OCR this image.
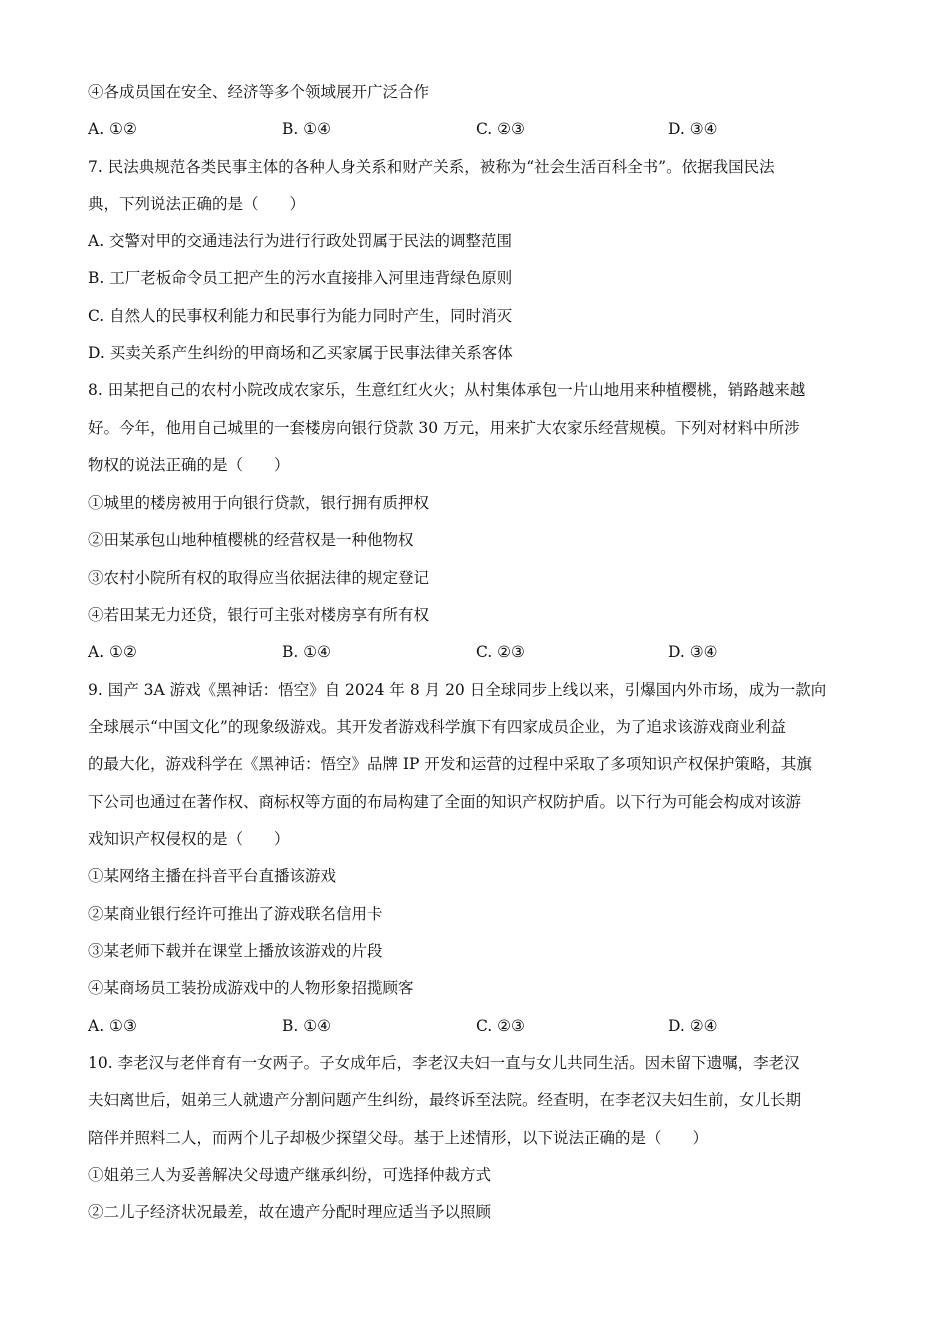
④各成员国在安全、经济等多个领域展开广泛合作
A. ①②	B. ①④	C. ②③	D. ③④
7. 民法典规范各类民事主体的各种人身关系和财产关系，被称为“社会生活百科全书”。依据我国民法
典，下列说法正确的是（　　）
A. 交警对甲的交通违法行为进行行政处罚属于民法的调整范围
B. 工厂老板命令员工把产生的污水直接排入河里违背绿色原则
C. 自然人的民事权利能力和民事行为能力同时产生，同时消灭
D. 买卖关系产生纠纷的甲商场和乙买家属于民事法律关系客体
8. 田某把自己的农村小院改成农家乐，生意红红火火；从村集体承包一片山地用来种植樱桃，销路越来越
好。今年，他用自己城里的一套楼房向银行贷款 30 万元，用来扩大农家乐经营规模。下列对材料中所涉
物权的说法正确的是（　　）
①城里的楼房被用于向银行贷款，银行拥有质押权
②田某承包山地种植樱桃的经营权是一种他物权
③农村小院所有权的取得应当依据法律的规定登记
④若田某无力还贷，银行可主张对楼房享有所有权
A. ①②	B. ①④	C. ②③	D. ③④
9. 国产 3A 游戏《黑神话：悟空》自 2024 年 8 月 20 日全球同步上线以来，引爆国内外市场，成为一款向
全球展示“中国文化”的现象级游戏。其开发者游戏科学旗下有四家成员企业，为了追求该游戏商业利益
的最大化，游戏科学在《黑神话：悟空》品牌 IP 开发和运营的过程中采取了多项知识产权保护策略，其旗
下公司也通过在著作权、商标权等方面的布局构建了全面的知识产权防护盾。以下行为可能会构成对该游
戏知识产权侵权的是（　　）
①某网络主播在抖音平台直播该游戏
②某商业银行经许可推出了游戏联名信用卡
③某老师下载并在课堂上播放该游戏的片段
④某商场员工装扮成游戏中的人物形象招揽顾客
A. ①③	B. ①④	C. ②③	D. ②④
10. 李老汉与老伴育有一女两子。子女成年后，李老汉夫妇一直与女儿共同生活。因未留下遗嘱，李老汉
夫妇离世后，姐弟三人就遗产分割问题产生纠纷，最终诉至法院。经查明，在李老汉夫妇生前，女儿长期
陪伴并照料二人，而两个儿子却极少探望父母。基于上述情形，以下说法正确的是（　　）
①姐弟三人为妥善解决父母遗产继承纠纷，可选择仲裁方式
②二儿子经济状况最差，故在遗产分配时理应适当予以照顾
